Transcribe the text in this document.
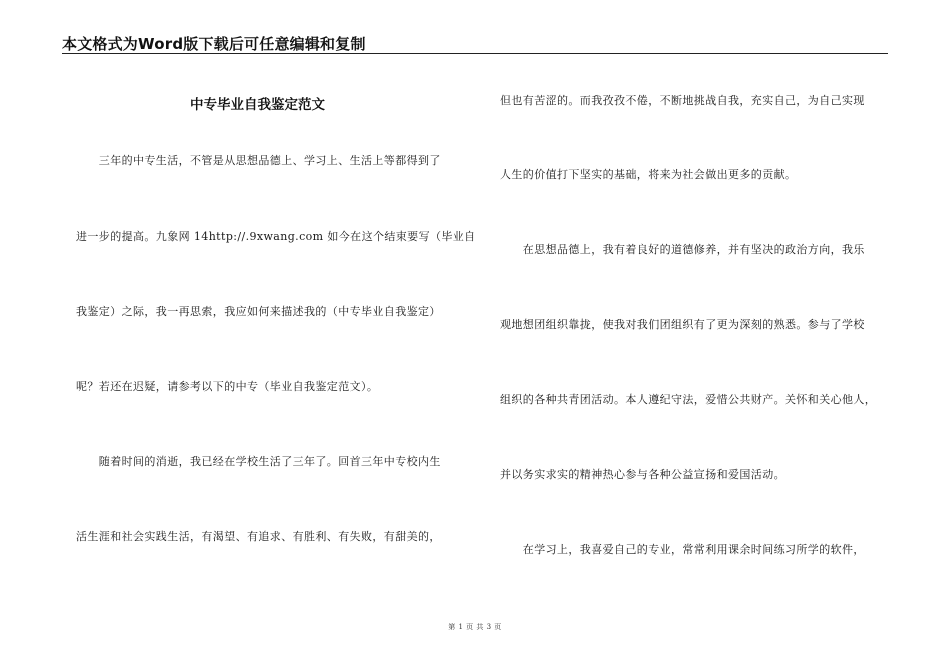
本文格式为Word版下载后可任意编辑和复制
中专毕业自我鉴定范文
　　三年的中专生活，不管是从思想品德上、学习上、生活上等都得到了
进一步的提高。九象网 14http://.9xwang.com 如今在这个结束要写（毕业自
我鉴定）之际，我一再思索，我应如何来描述我的（中专毕业自我鉴定）
呢？若还在迟疑，请参考以下的中专（毕业自我鉴定范文）。
　　随着时间的消逝，我已经在学校生活了三年了。回首三年中专校内生
活生涯和社会实践生活，有渴望、有追求、有胜利、有失败，有甜美的，
但也有苦涩的。而我孜孜不倦，不断地挑战自我，充实自己，为自己实现
人生的价值打下坚实的基础，将来为社会做出更多的贡献。
　　在思想品德上，我有着良好的道德修养，并有坚决的政治方向，我乐
观地想团组织靠拢，使我对我们团组织有了更为深刻的熟悉。参与了学校
组织的各种共青团活动。本人遵纪守法，爱惜公共财产。关怀和关心他人，
并以务实求实的精神热心参与各种公益宣扬和爱国活动。
　　在学习上，我喜爱自己的专业，常常利用课余时间练习所学的软件，
第 1 页 共 3 页
